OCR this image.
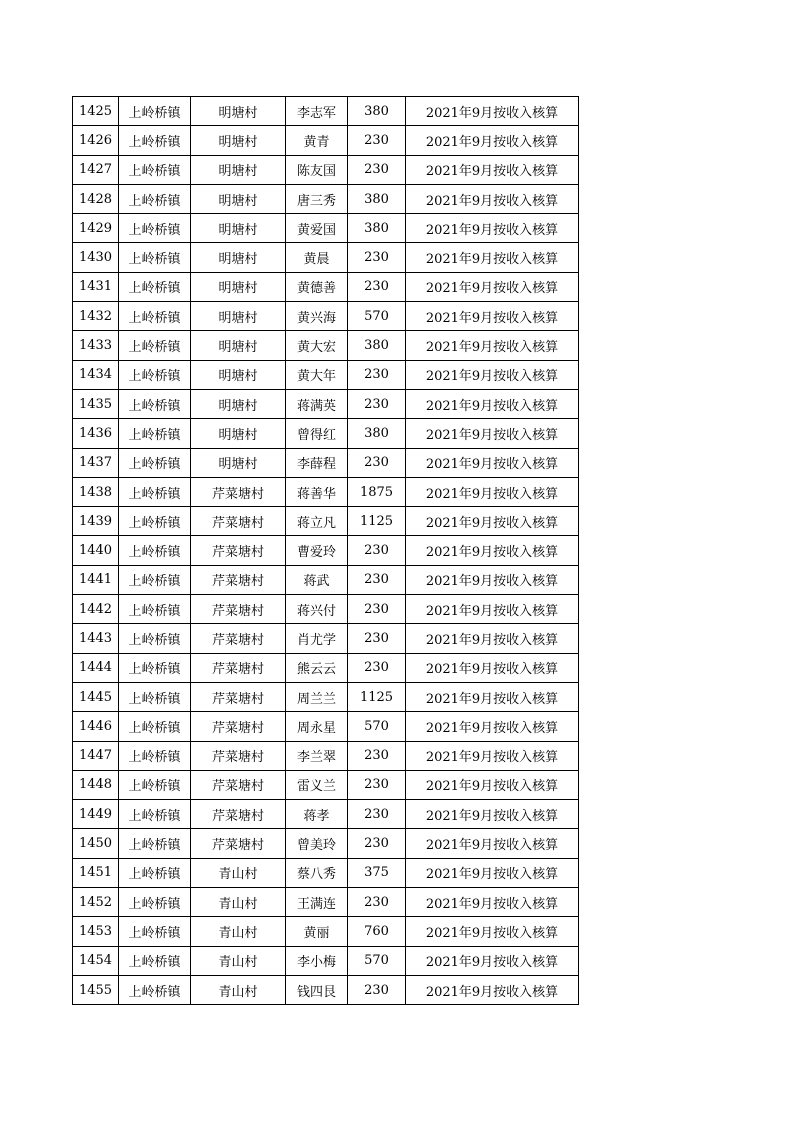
1425	上岭桥镇	明塘村	李志军	380	2021年9月按收入核算
1426	上岭桥镇	明塘村	黄青	230	2021年9月按收入核算
1427	上岭桥镇	明塘村	陈友国	230	2021年9月按收入核算
1428	上岭桥镇	明塘村	唐三秀	380	2021年9月按收入核算
1429	上岭桥镇	明塘村	黄爱国	380	2021年9月按收入核算
1430	上岭桥镇	明塘村	黄晨	230	2021年9月按收入核算
1431	上岭桥镇	明塘村	黄德善	230	2021年9月按收入核算
1432	上岭桥镇	明塘村	黄兴海	570	2021年9月按收入核算
1433	上岭桥镇	明塘村	黄大宏	380	2021年9月按收入核算
1434	上岭桥镇	明塘村	黄大年	230	2021年9月按收入核算
1435	上岭桥镇	明塘村	蒋满英	230	2021年9月按收入核算
1436	上岭桥镇	明塘村	曾得红	380	2021年9月按收入核算
1437	上岭桥镇	明塘村	李薛程	230	2021年9月按收入核算
1438	上岭桥镇	芹菜塘村	蒋善华	1875	2021年9月按收入核算
1439	上岭桥镇	芹菜塘村	蒋立凡	1125	2021年9月按收入核算
1440	上岭桥镇	芹菜塘村	曹爱玲	230	2021年9月按收入核算
1441	上岭桥镇	芹菜塘村	蒋武	230	2021年9月按收入核算
1442	上岭桥镇	芹菜塘村	蒋兴付	230	2021年9月按收入核算
1443	上岭桥镇	芹菜塘村	肖尤学	230	2021年9月按收入核算
1444	上岭桥镇	芹菜塘村	熊云云	230	2021年9月按收入核算
1445	上岭桥镇	芹菜塘村	周兰兰	1125	2021年9月按收入核算
1446	上岭桥镇	芹菜塘村	周永星	570	2021年9月按收入核算
1447	上岭桥镇	芹菜塘村	李兰翠	230	2021年9月按收入核算
1448	上岭桥镇	芹菜塘村	雷义兰	230	2021年9月按收入核算
1449	上岭桥镇	芹菜塘村	蒋孝	230	2021年9月按收入核算
1450	上岭桥镇	芹菜塘村	曾美玲	230	2021年9月按收入核算
1451	上岭桥镇	青山村	蔡八秀	375	2021年9月按收入核算
1452	上岭桥镇	青山村	王满连	230	2021年9月按收入核算
1453	上岭桥镇	青山村	黄丽	760	2021年9月按收入核算
1454	上岭桥镇	青山村	李小梅	570	2021年9月按收入核算
1455	上岭桥镇	青山村	钱四艮	230	2021年9月按收入核算
